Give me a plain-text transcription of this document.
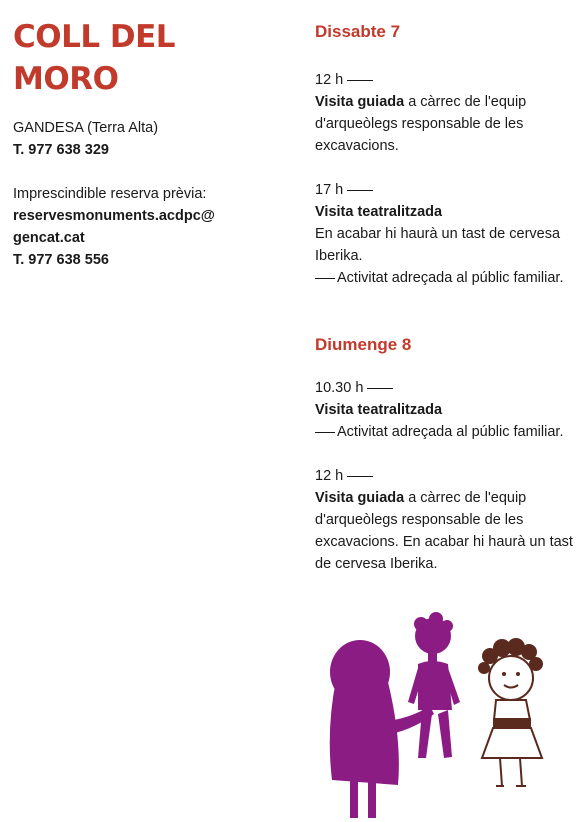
COLL DEL
MORO

GANDESA (Terra Alta)

T. 977 638 329

Imprescindible reserva prèvia:

reservesmonuments.acdpc@

gencat.cat

T. 977 638 556

Dissabte 7

12 h

Visita guiada a càrrec de l'equip d'arqueòlegs responsable de les excavacions.

17 h

Visita teatralitzada

En acabar hi haurà un tast de cervesa Iberika.

Activitat adreçada al públic familiar.

Diumenge 8

10.30 h

Visita teatralitzada

Activitat adreçada al públic familiar.

12 h

Visita guiada a càrrec de l'equip d'arqueòlegs responsable de les excavacions. En acabar hi haurà un tast de cervesa Iberika.
